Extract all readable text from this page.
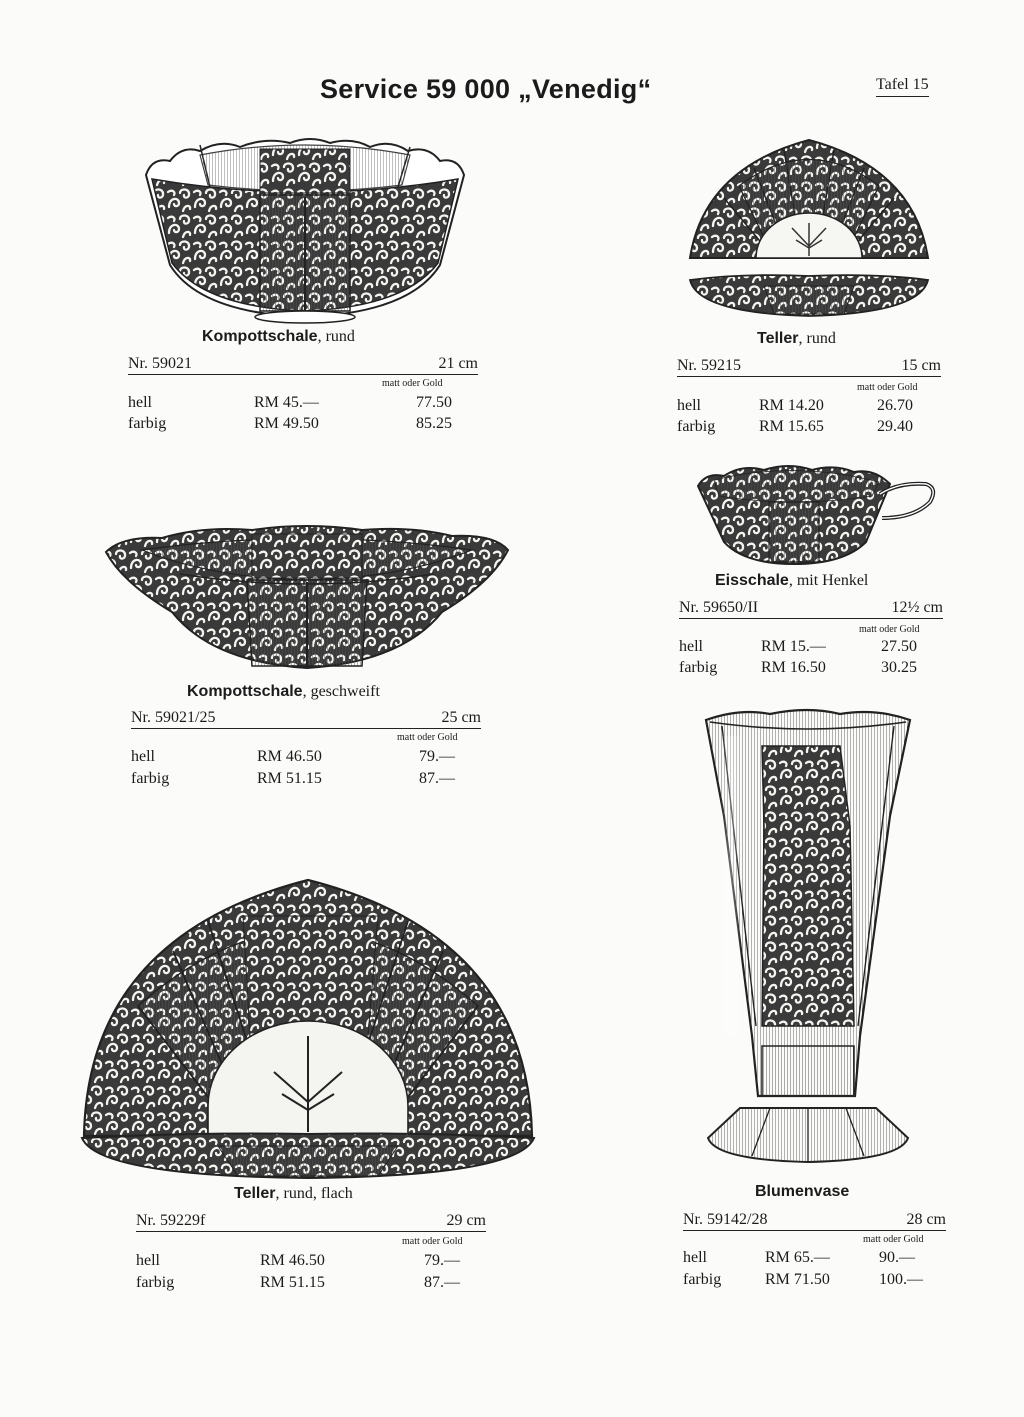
Service 59 000 „Venedig“	Tafel 15
Kompottschale, rund
Nr. 59021	21 cm
matt oder Gold
hell	RM 45.—	77.50
farbig	RM 49.50	85.25
Teller, rund
Nr. 59215	15 cm
matt oder Gold
hell	RM 14.20	26.70
farbig	RM 15.65	29.40
Eisschale, mit Henkel
Nr. 59650/II	12½ cm
matt oder Gold
hell	RM 15.—	27.50
farbig	RM 16.50	30.25
Kompottschale, geschweift
Nr. 59021/25	25 cm
matt oder Gold
hell	RM 46.50	79.—
farbig	RM 51.15	87.—
Teller, rund, flach
Nr. 59229f	29 cm
matt oder Gold
hell	RM 46.50	79.—
farbig	RM 51.15	87.—
Blumenvase
Nr. 59142/28	28 cm
matt oder Gold
hell	RM 65.—	90.—
farbig	RM 71.50	100.—
